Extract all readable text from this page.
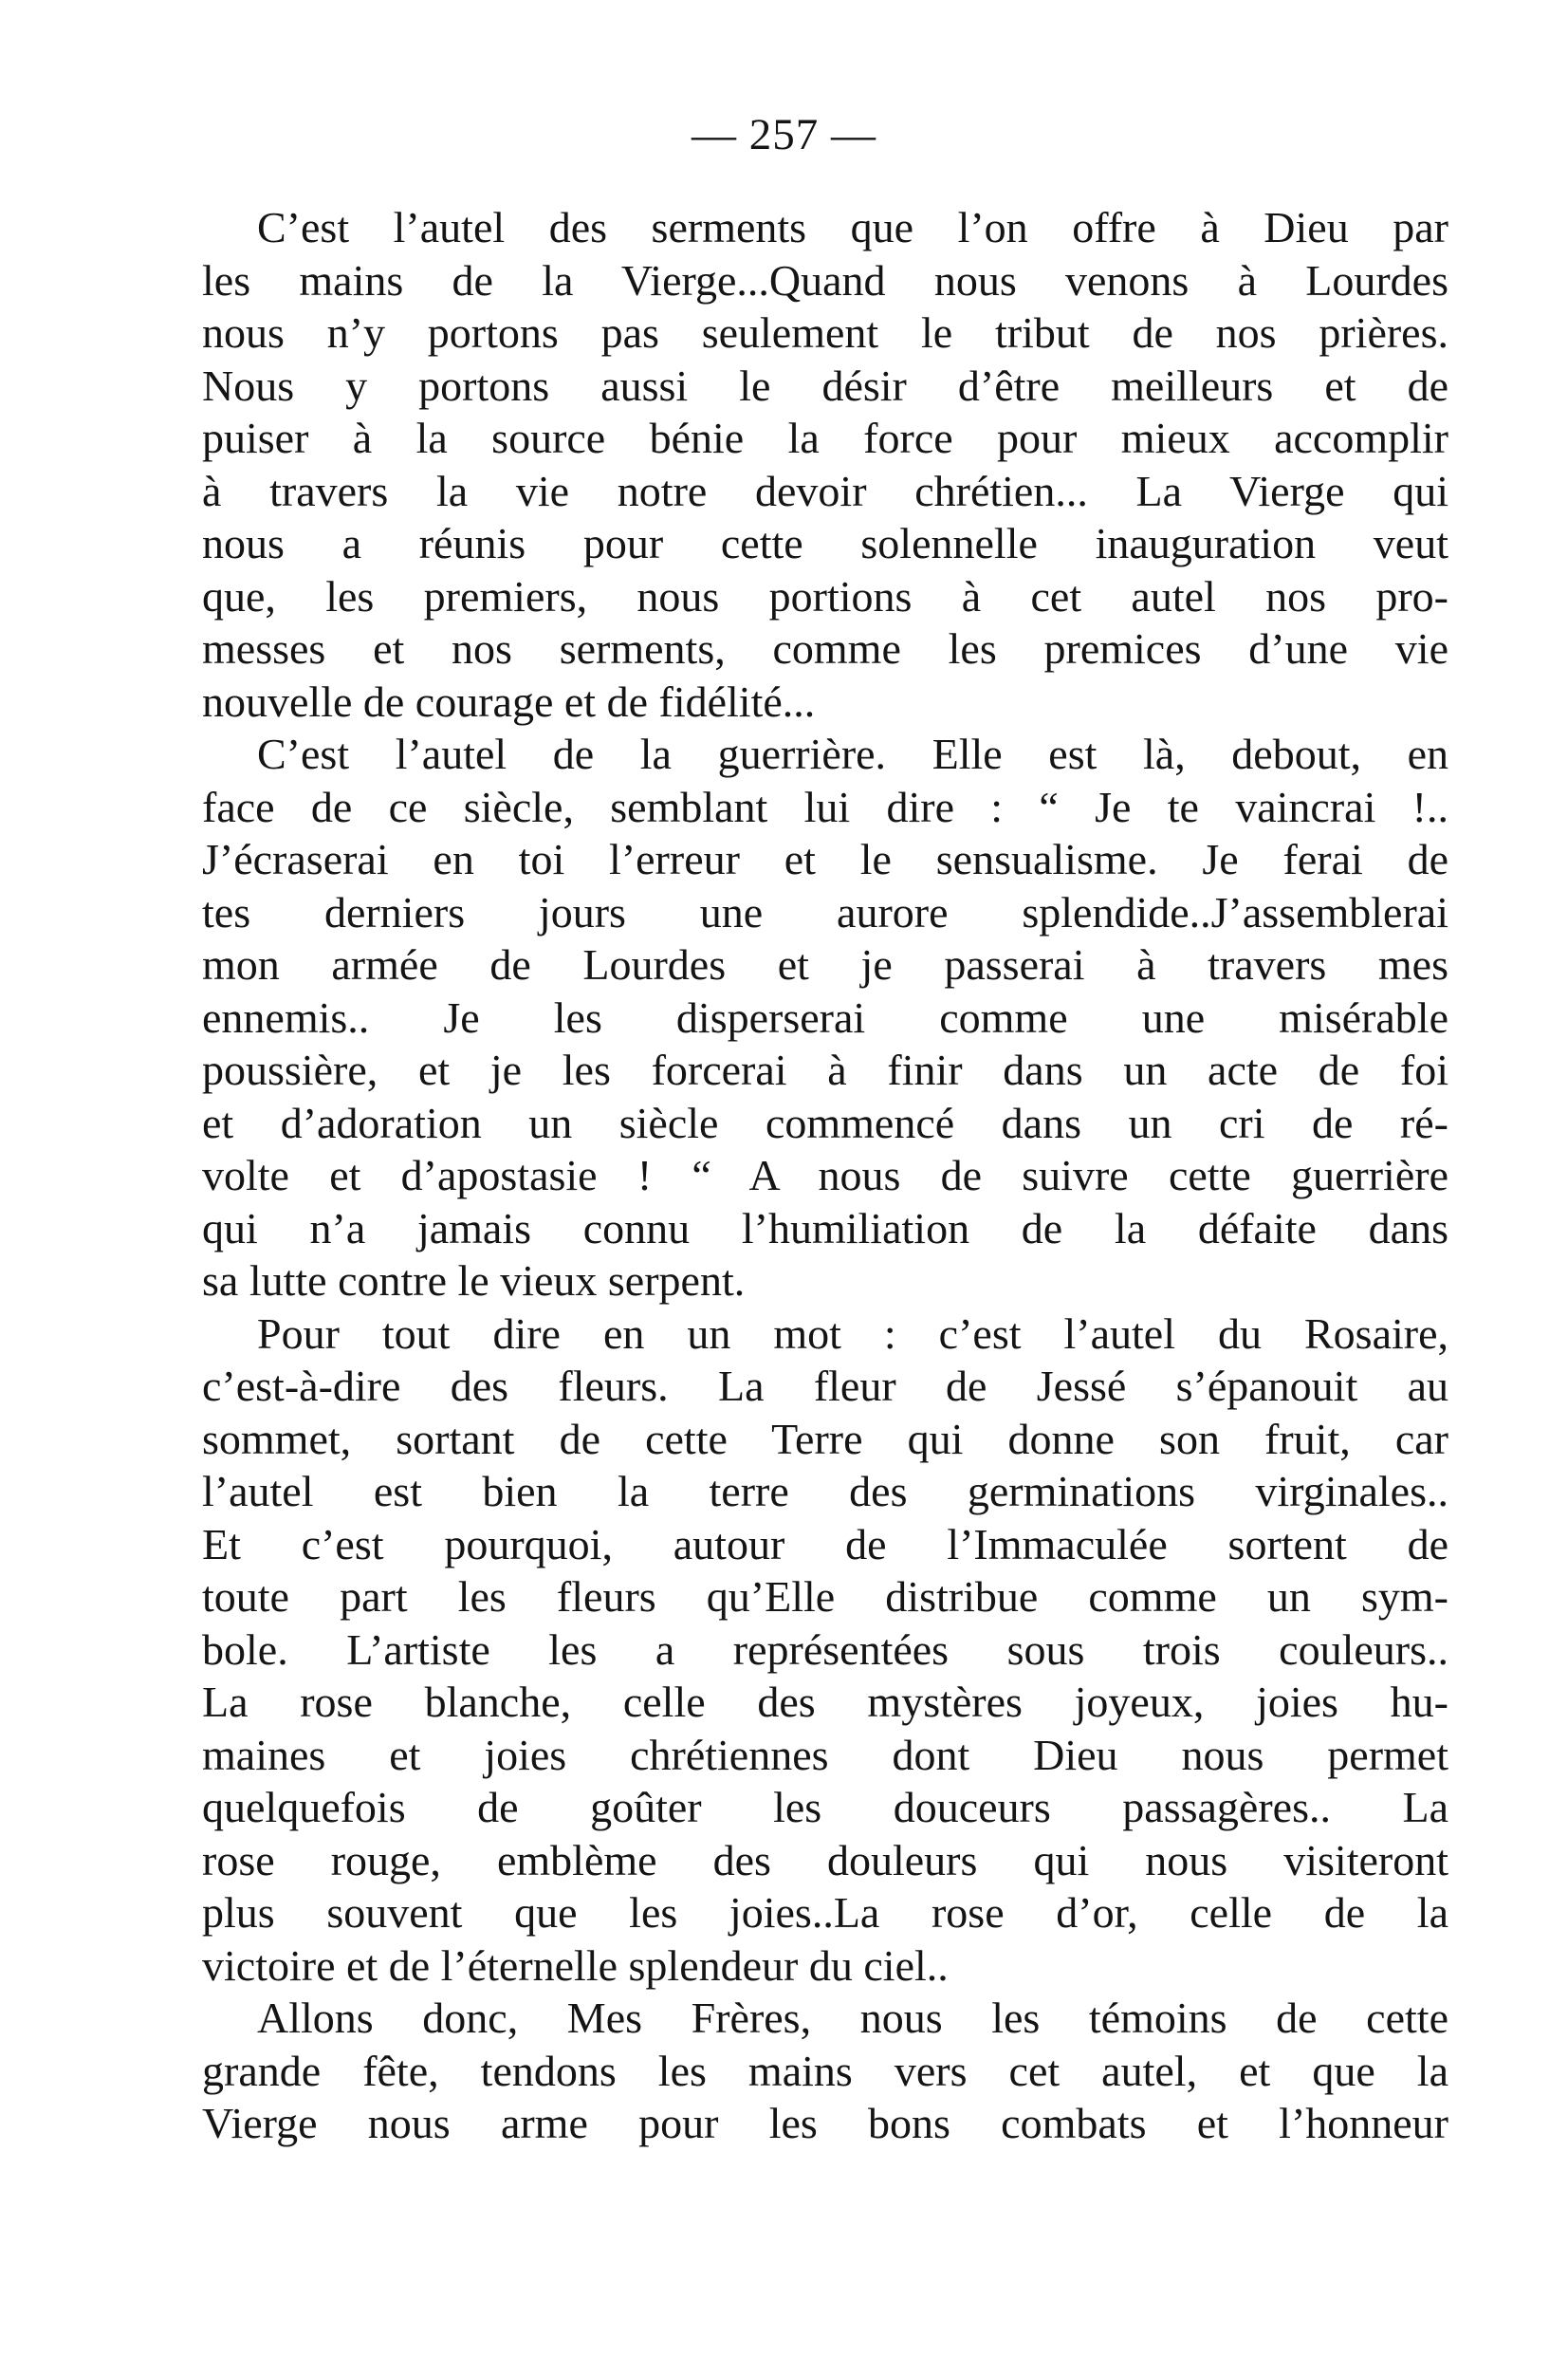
— 257 —
C’est l’autel des serments que l’on offre à Dieu par
les mains de la Vierge...Quand nous venons à Lourdes
nous n’y portons pas seulement le tribut de nos prières.
Nous y portons aussi le désir d’être meilleurs et de
puiser à la source bénie la force pour mieux accomplir
à travers la vie notre devoir chrétien... La Vierge qui
nous a réunis pour cette solennelle inauguration veut
que, les premiers, nous portions à cet autel nos pro-
messes et nos serments, comme les premices d’une vie
nouvelle de courage et de fidélité...
C’est l’autel de la guerrière. Elle est là, debout, en
face de ce siècle, semblant lui dire : “ Je te vaincrai !..
J’écraserai en toi l’erreur et le sensualisme. Je ferai de
tes derniers jours une aurore splendide..J’assemblerai
mon armée de Lourdes et je passerai à travers mes
ennemis.. Je les disperserai comme une misérable
poussière, et je les forcerai à finir dans un acte de foi
et d’adoration un siècle commencé dans un cri de ré-
volte et d’apostasie ! “ A nous de suivre cette guerrière
qui n’a jamais connu l’humiliation de la défaite dans
sa lutte contre le vieux serpent.
Pour tout dire en un mot : c’est l’autel du Rosaire,
c’est-à-dire des fleurs. La fleur de Jessé s’épanouit au
sommet, sortant de cette Terre qui donne son fruit, car
l’autel est bien la terre des germinations virginales..
Et c’est pourquoi, autour de l’Immaculée sortent de
toute part les fleurs qu’Elle distribue comme un sym-
bole. L’artiste les a représentées sous trois couleurs..
La rose blanche, celle des mystères joyeux, joies hu-
maines et joies chrétiennes dont Dieu nous permet
quelquefois de goûter les douceurs passagères.. La
rose rouge, emblème des douleurs qui nous visiteront
plus souvent que les joies..La rose d’or, celle de la
victoire et de l’éternelle splendeur du ciel..
Allons donc, Mes Frères, nous les témoins de cette
grande fête, tendons les mains vers cet autel, et que la
Vierge nous arme pour les bons combats et l’honneur
